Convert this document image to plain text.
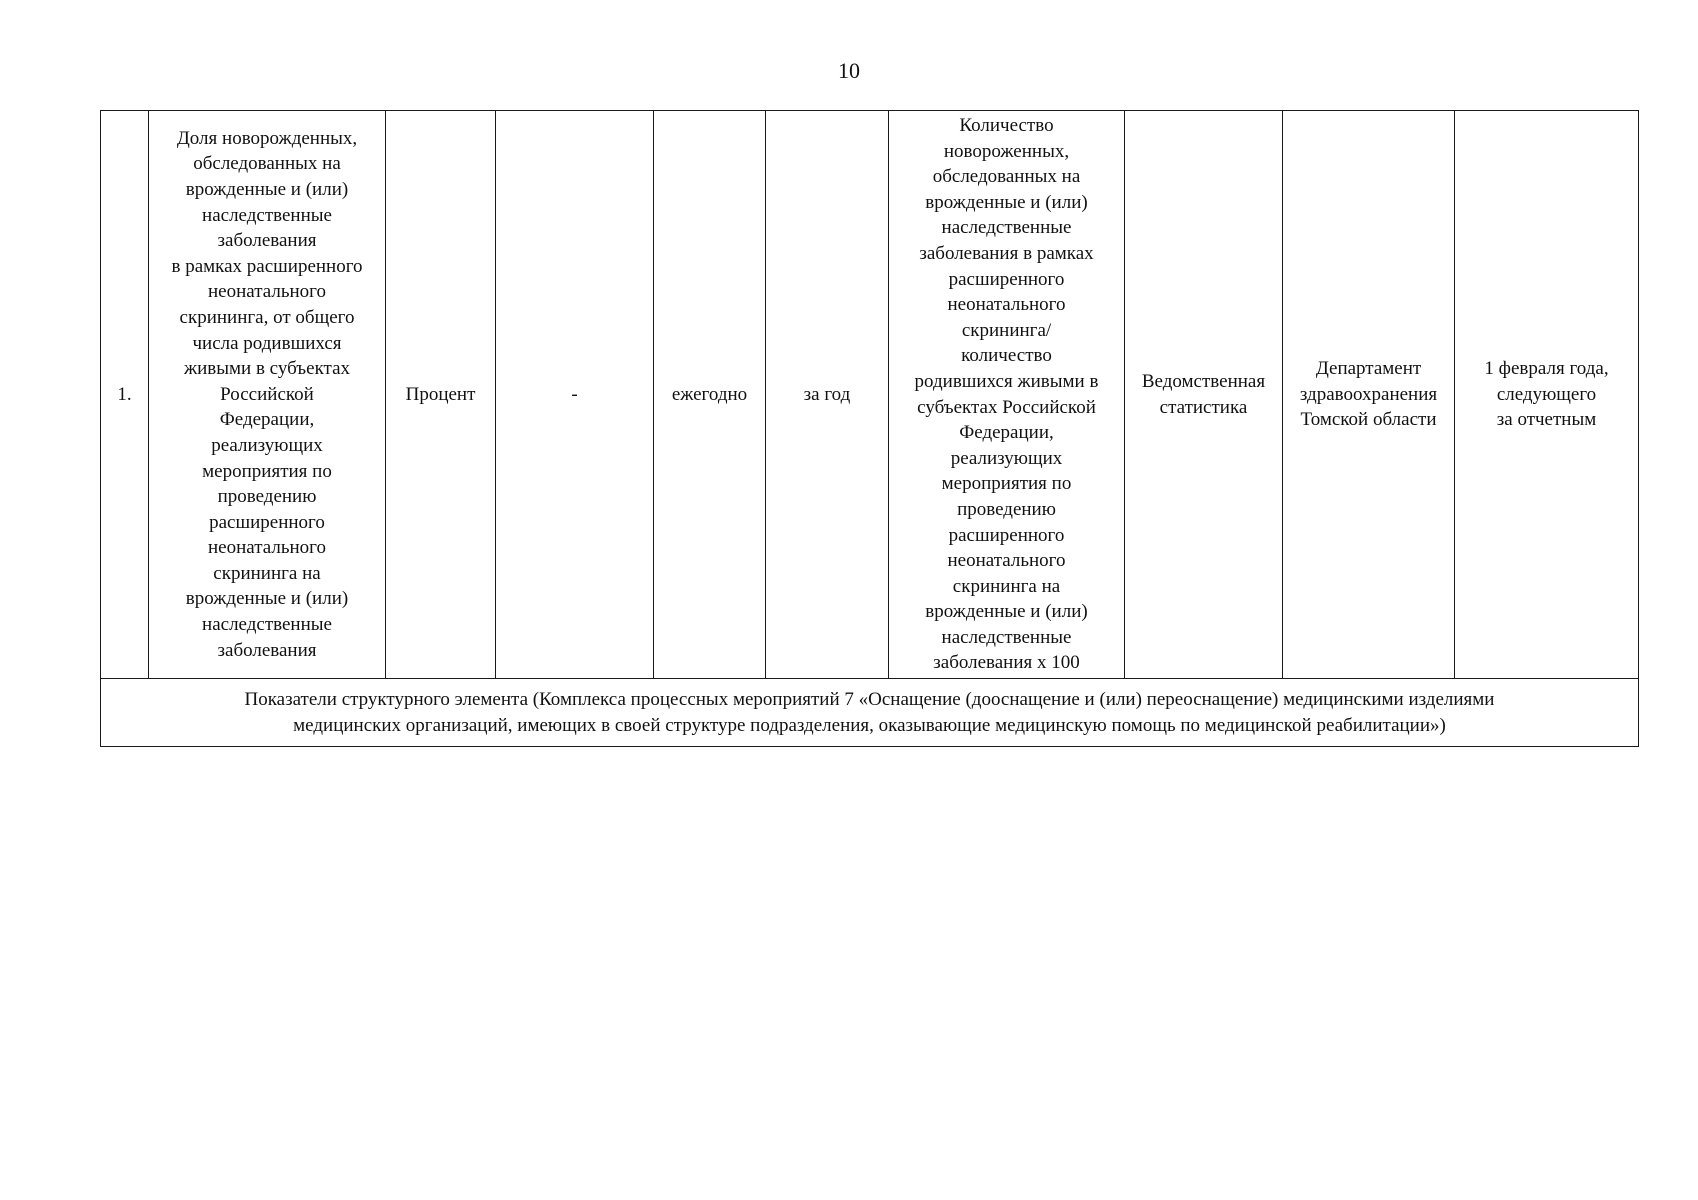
10
1.	Доля новорожденных,
обследованных на
врожденные и (или)
наследственные
заболевания
в рамках расширенного
неонатального
скрининга, от общего
числа родившихся
живыми в субъектах
Российской
Федерации,
реализующих
мероприятия по
проведению
расширенного
неонатального
скрининга на
врожденные и (или)
наследственные
заболевания	Процент	-	ежегодно	за год	Количество
новороженных,
обследованных на
врожденные и (или)
наследственные
заболевания в рамках
расширенного
неонатального
скрининга/
количество
родившихся живыми в
субъектах Российской
Федерации,
реализующих
мероприятия по
проведению
расширенного
неонатального
скрининга на
врожденные и (или)
наследственные
заболевания х 100	Ведомственная
статистика	Департамент
здравоохранения
Томской области	1 февраля года,
следующего
за отчетным
Показатели структурного элемента (Комплекса процессных мероприятий 7 «Оснащение (дооснащение и (или) переоснащение) медицинскими изделиями
медицинских организаций, имеющих в своей структуре подразделения, оказывающие медицинскую помощь по медицинской реабилитации»)
